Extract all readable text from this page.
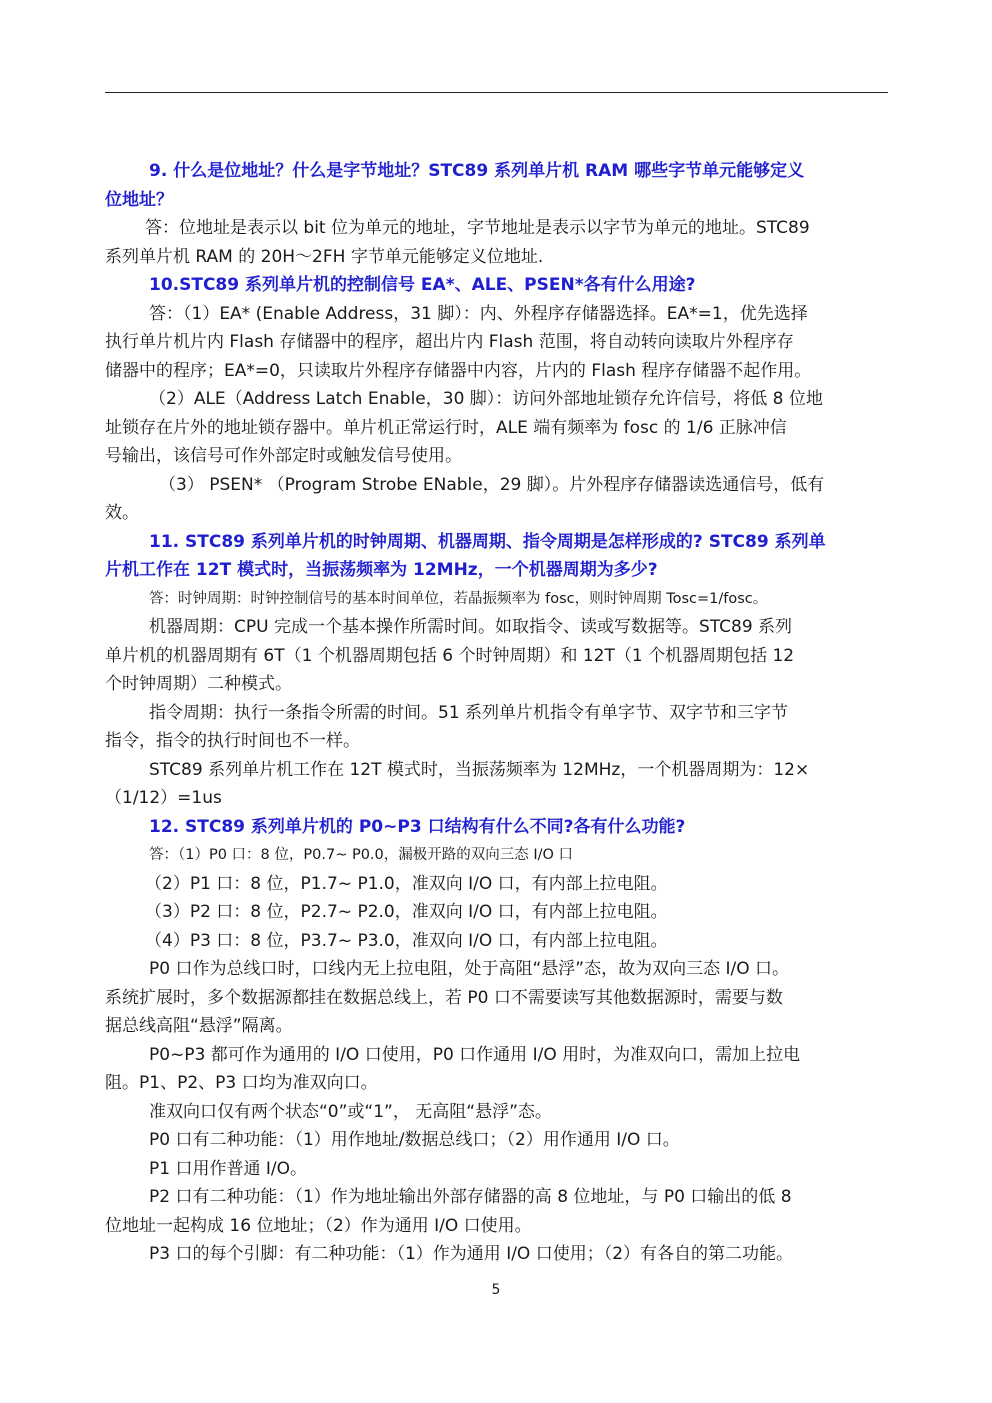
9. 什么是位地址？什么是字节地址？STC89 系列单片机 RAM 哪些字节单元能够定义
位地址？

答：位地址是表示以 bit 位为单元的地址，字节地址是表示以字节为单元的地址。STC89

系列单片机 RAM 的 20H～2FH 字节单元能够定义位地址.

10.STC89 系列单片机的控制信号 EA*、ALE、PSEN*各有什么用途?

答：（1）EA* (Enable Address，31 脚）：内、外程序存储器选择。EA*=1，优先选择

执行单片机片内 Flash 存储器中的程序，超出片内 Flash 范围，将自动转向读取片外程序存

储器中的程序；EA*=0，只读取片外程序存储器中内容，片内的 Flash 程序存储器不起作用。

（2）ALE（Address Latch Enable，30 脚）：访问外部地址锁存允许信号，将低 8 位地

址锁存在片外的地址锁存器中。单片机正常运行时，ALE 端有频率为 fosc 的 1/6 正脉冲信

号输出，该信号可作外部定时或触发信号使用。

（3） PSEN* （Program Strobe ENable，29 脚）。片外程序存储器读选通信号，低有

效。

11. STC89 系列单片机的时钟周期、机器周期、指令周期是怎样形成的? STC89 系列单

片机工作在 12T 模式时，当振荡频率为 12MHz，一个机器周期为多少?

答：时钟周期：时钟控制信号的基本时间单位，若晶振频率为 fosc，则时钟周期 Tosc=1/fosc。

机器周期：CPU 完成一个基本操作所需时间。如取指令、读或写数据等。STC89 系列

单片机的机器周期有 6T（1 个机器周期包括 6 个时钟周期）和 12T（1 个机器周期包括 12

个时钟周期）二种模式。

指令周期：执行一条指令所需的时间。51 系列单片机指令有单字节、双字节和三字节

指令，指令的执行时间也不一样。

STC89 系列单片机工作在 12T 模式时，当振荡频率为 12MHz，一个机器周期为：12×

（1/12）=1us

12. STC89 系列单片机的 P0~P3 口结构有什么不同?各有什么功能?

答：（1）P0 口：8 位，P0.7~ P0.0，漏极开路的双向三态 I/O 口

（2）P1 口：8 位，P1.7~ P1.0，准双向 I/O 口，有内部上拉电阻。

（3）P2 口：8 位，P2.7~ P2.0，准双向 I/O 口，有内部上拉电阻。

（4）P3 口：8 位，P3.7~ P3.0，准双向 I/O 口，有内部上拉电阻。

P0 口作为总线口时，口线内无上拉电阻，处于高阻“悬浮”态，故为双向三态 I/O 口。

系统扩展时，多个数据源都挂在数据总线上，若 P0 口不需要读写其他数据源时，需要与数

据总线高阻“悬浮”隔离。

P0~P3 都可作为通用的 I/O 口使用，P0 口作通用 I/O 用时，为准双向口，需加上拉电

阻。P1、P2、P3 口均为准双向口。

准双向口仅有两个状态“0”或“1”， 无高阻“悬浮”态。

P0 口有二种功能：（1）用作地址/数据总线口；（2）用作通用 I/O 口。

P1 口用作普通 I/O。

P2 口有二种功能：（1）作为地址输出外部存储器的高 8 位地址，与 P0 口输出的低 8

位地址一起构成 16 位地址；（2）作为通用 I/O 口使用。

P3 口的每个引脚：有二种功能：（1）作为通用 I/O 口使用；（2）有各自的第二功能。

5
